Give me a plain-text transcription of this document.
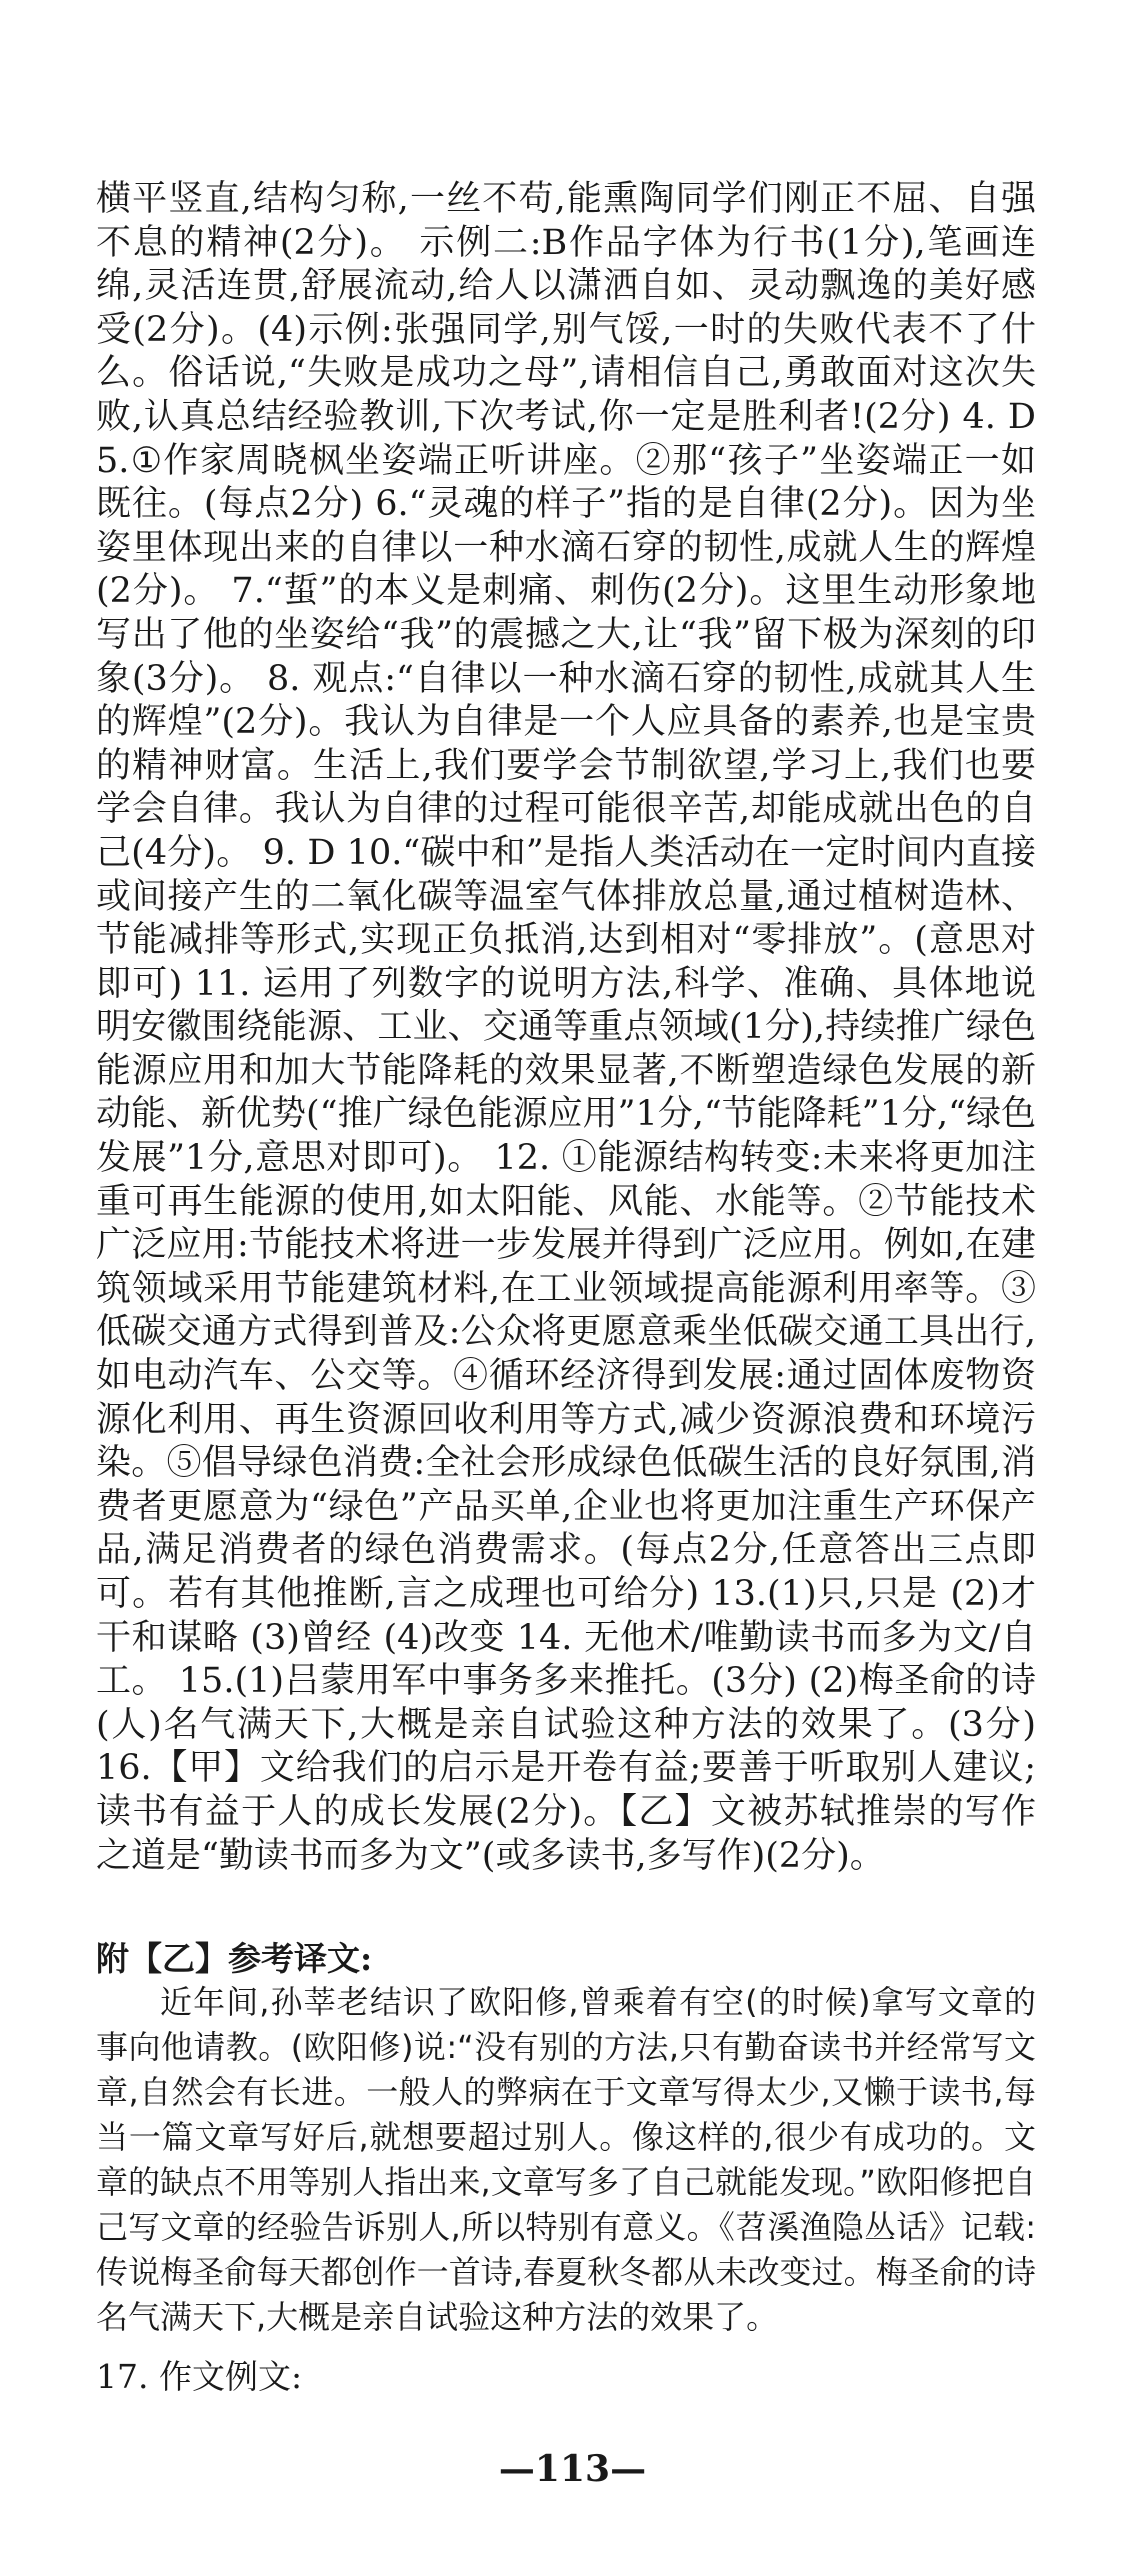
横平竖直,结构匀称,一丝不苟,能熏陶同学们刚正不屈、自强不息的精神(2分)。 示例二:B作品字体为行书(1分),笔画连绵,灵活连贯,舒展流动,给人以潇洒自如、灵动飘逸的美好感受(2分)。(4)示例:张强同学,别气馁,一时的失败代表不了什么。俗话说,“失败是成功之母”,请相信自己,勇敢面对这次失败,认真总结经验教训,下次考试,你一定是胜利者!(2分) 4. D 5.①作家周晓枫坐姿端正听讲座。②那“孩子”坐姿端正一如既往。(每点2分) 6.“灵魂的样子”指的是自律(2分)。因为坐姿里体现出来的自律以一种水滴石穿的韧性,成就人生的辉煌(2分)。 7.“蜇”的本义是刺痛、刺伤(2分)。这里生动形象地写出了他的坐姿给“我”的震撼之大,让“我”留下极为深刻的印象(3分)。 8. 观点:“自律以一种水滴石穿的韧性,成就其人生的辉煌”(2分)。我认为自律是一个人应具备的素养,也是宝贵的精神财富。生活上,我们要学会节制欲望,学习上,我们也要学会自律。我认为自律的过程可能很辛苦,却能成就出色的自己(4分)。 9. D 10.“碳中和”是指人类活动在一定时间内直接或间接产生的二氧化碳等温室气体排放总量,通过植树造林、节能减排等形式,实现正负抵消,达到相对“零排放”。(意思对即可) 11. 运用了列数字的说明方法,科学、准确、具体地说明安徽围绕能源、工业、交通等重点领域(1分),持续推广绿色能源应用和加大节能降耗的效果显著,不断塑造绿色发展的新动能、新优势(“推广绿色能源应用”1分,“节能降耗”1分,“绿色发展”1分,意思对即可)。 12. ①能源结构转变:未来将更加注重可再生能源的使用,如太阳能、风能、水能等。②节能技术广泛应用:节能技术将进一步发展并得到广泛应用。例如,在建筑领域采用节能建筑材料,在工业领域提高能源利用率等。③低碳交通方式得到普及:公众将更愿意乘坐低碳交通工具出行,如电动汽车、公交等。④循环经济得到发展:通过固体废物资源化利用、再生资源回收利用等方式,减少资源浪费和环境污染。⑤倡导绿色消费:全社会形成绿色低碳生活的良好氛围,消费者更愿意为“绿色”产品买单,企业也将更加注重生产环保产品,满足消费者的绿色消费需求。(每点2分,任意答出三点即可。若有其他推断,言之成理也可给分) 13.(1)只,只是 (2)才干和谋略 (3)曾经 (4)改变 14. 无他术/唯勤读书而多为文/自工。 15.(1)吕蒙用军中事务多来推托。(3分) (2)梅圣俞的诗(人)名气满天下,大概是亲自试验这种方法的效果了。(3分) 16.【甲】文给我们的启示是开卷有益;要善于听取别人建议;读书有益于人的成长发展(2分)。【乙】文被苏轼推崇的写作之道是“勤读书而多为文”(或多读书,多写作)(2分)。

附【乙】参考译文:

近年间,孙莘老结识了欧阳修,曾乘着有空(的时候)拿写文章的事向他请教。(欧阳修)说:“没有别的方法,只有勤奋读书并经常写文章,自然会有长进。一般人的弊病在于文章写得太少,又懒于读书,每当一篇文章写好后,就想要超过别人。像这样的,很少有成功的。文章的缺点不用等别人指出来,文章写多了自己就能发现。”欧阳修把自己写文章的经验告诉别人,所以特别有意义。《苕溪渔隐丛话》记载:传说梅圣俞每天都创作一首诗,春夏秋冬都从未改变过。梅圣俞的诗名气满天下,大概是亲自试验这种方法的效果了。

17. 作文例文:
—113—
